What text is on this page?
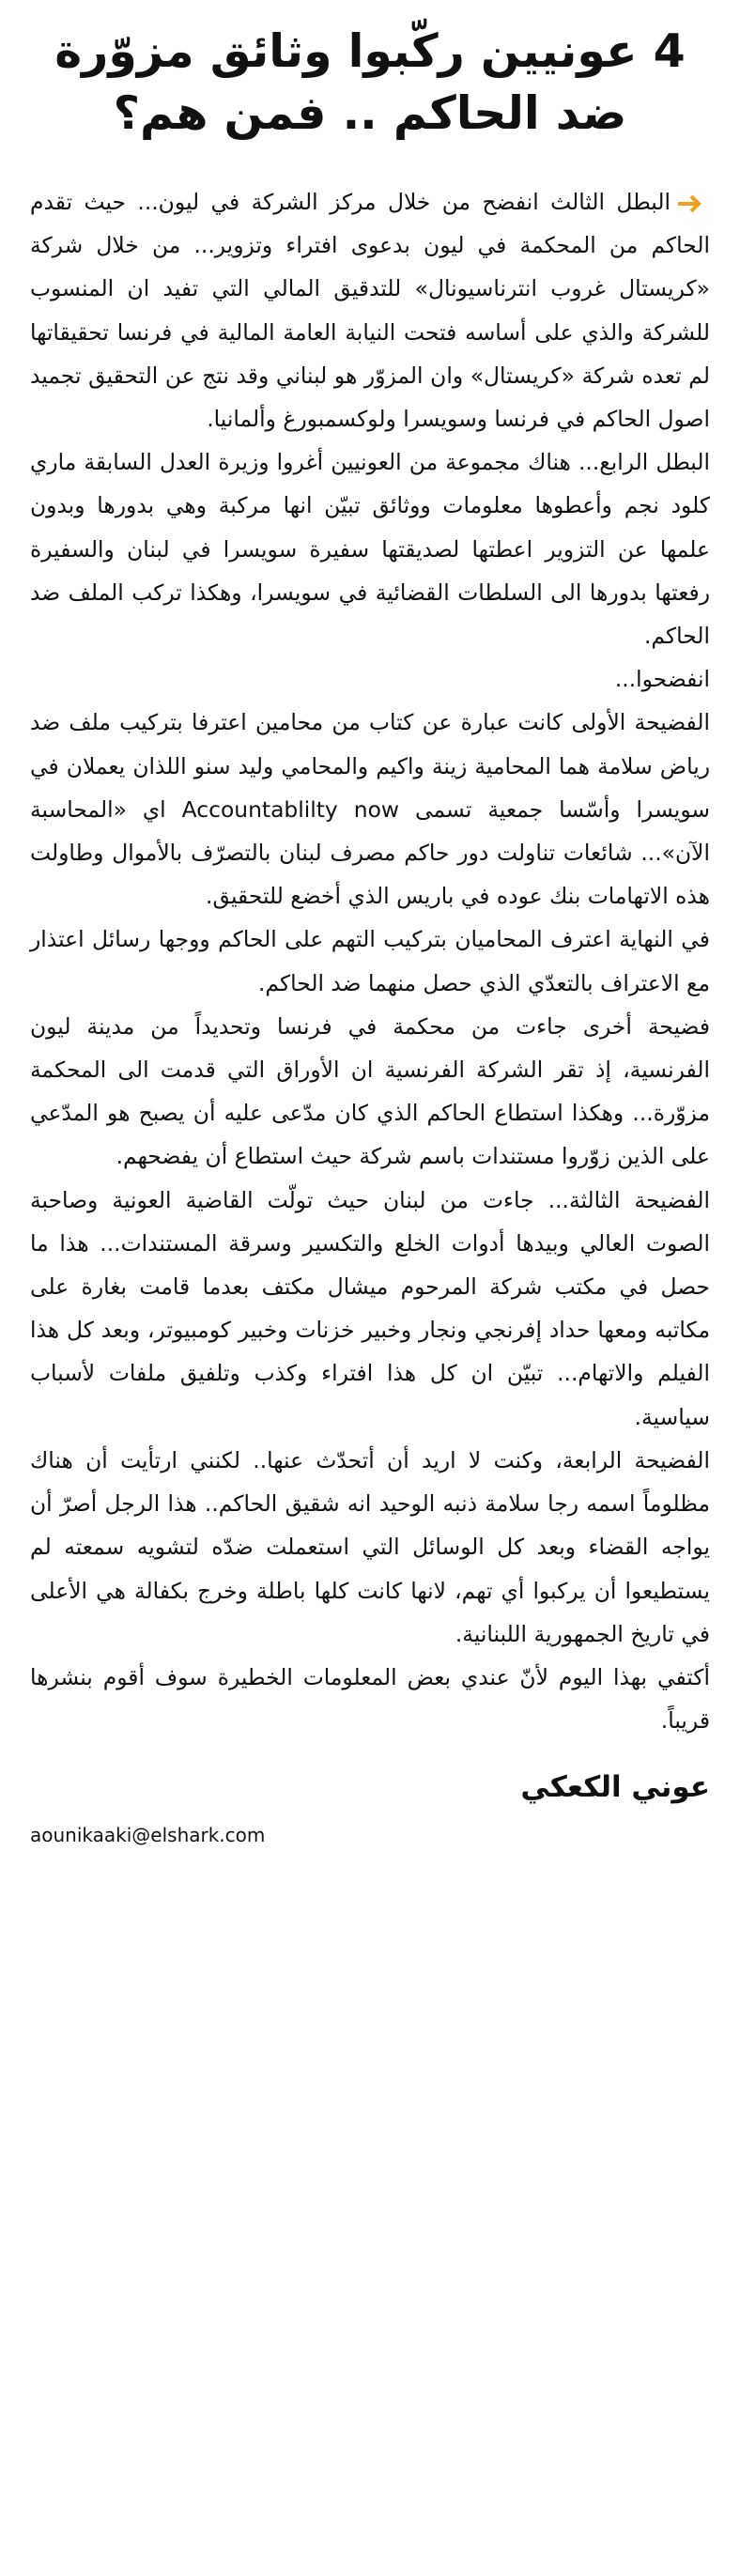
4 عونيين ركّبوا وثائق مزوّرة
ضد الحاكم .. فمن هم؟

البطل الثالث انفضح من خلال مركز الشركة في ليون... حيث تقدم الحاكم من المحكمة في ليون بدعوى افتراء وتزوير... من خلال شركة «كريستال غروب انترناسيونال» للتدقيق المالي التي تفيد ان المنسوب للشركة والذي على أساسه فتحت النيابة العامة المالية في فرنسا تحقيقاتها لم تعده شركة «كريستال» وان المزوّر هو لبناني وقد نتج عن التحقيق تجميد اصول الحاكم في فرنسا وسويسرا ولوكسمبورغ وألمانيا.

البطل الرابع... هناك مجموعة من العونيين أغروا وزيرة العدل السابقة ماري كلود نجم وأعطوها معلومات ووثائق تبيّن انها مركبة وهي بدورها وبدون علمها عن التزوير اعطتها لصديقتها سفيرة سويسرا في لبنان والسفيرة رفعتها بدورها الى السلطات القضائية في سويسرا، وهكذا تركب الملف ضد الحاكم.

انفضحوا...

الفضيحة الأولى كانت عبارة عن كتاب من محامين اعترفا بتركيب ملف ضد رياض سلامة هما المحامية زينة واكيم والمحامي وليد سنو اللذان يعملان في سويسرا وأسّسا جمعية تسمى Accountablilty now اي «المحاسبة الآن»... شائعات تناولت دور حاكم مصرف لبنان بالتصرّف بالأموال وطاولت هذه الاتهامات بنك عوده في باريس الذي أخضع للتحقيق.

في النهاية اعترف المحاميان بتركيب التهم على الحاكم ووجها رسائل اعتذار مع الاعتراف بالتعدّي الذي حصل منهما ضد الحاكم.

فضيحة أخرى جاءت من محكمة في فرنسا وتحديداً من مدينة ليون الفرنسية، إذ تقر الشركة الفرنسية ان الأوراق التي قدمت الى المحكمة مزوّرة... وهكذا استطاع الحاكم الذي كان مدّعى عليه أن يصبح هو المدّعي على الذين زوّروا مستندات باسم شركة حيث استطاع أن يفضحهم.

الفضيحة الثالثة... جاءت من لبنان حيث تولّت القاضية العونية وصاحبة الصوت العالي وبيدها أدوات الخلع والتكسير وسرقة المستندات... هذا ما حصل في مكتب شركة المرحوم ميشال مكتف بعدما قامت بغارة على مكاتبه ومعها حداد إفرنجي ونجار وخبير خزنات وخبير كومبيوتر، وبعد كل هذا الفيلم والاتهام... تبيّن ان كل هذا افتراء وكذب وتلفيق ملفات لأسباب سياسية.

الفضيحة الرابعة، وكنت لا اريد أن أتحدّث عنها.. لكنني ارتأيت أن هناك مظلوماً اسمه رجا سلامة ذنبه الوحيد انه شقيق الحاكم.. هذا الرجل أصرّ أن يواجه القضاء وبعد كل الوسائل التي استعملت ضدّه لتشويه سمعته لم يستطيعوا أن يركبوا أي تهم، لانها كانت كلها باطلة وخرج بكفالة هي الأعلى في تاريخ الجمهورية اللبنانية.

أكتفي بهذا اليوم لأنّ عندي بعض المعلومات الخطيرة سوف أقوم بنشرها قريباً.

عوني الكعكي
aounikaaki@elshark.com
